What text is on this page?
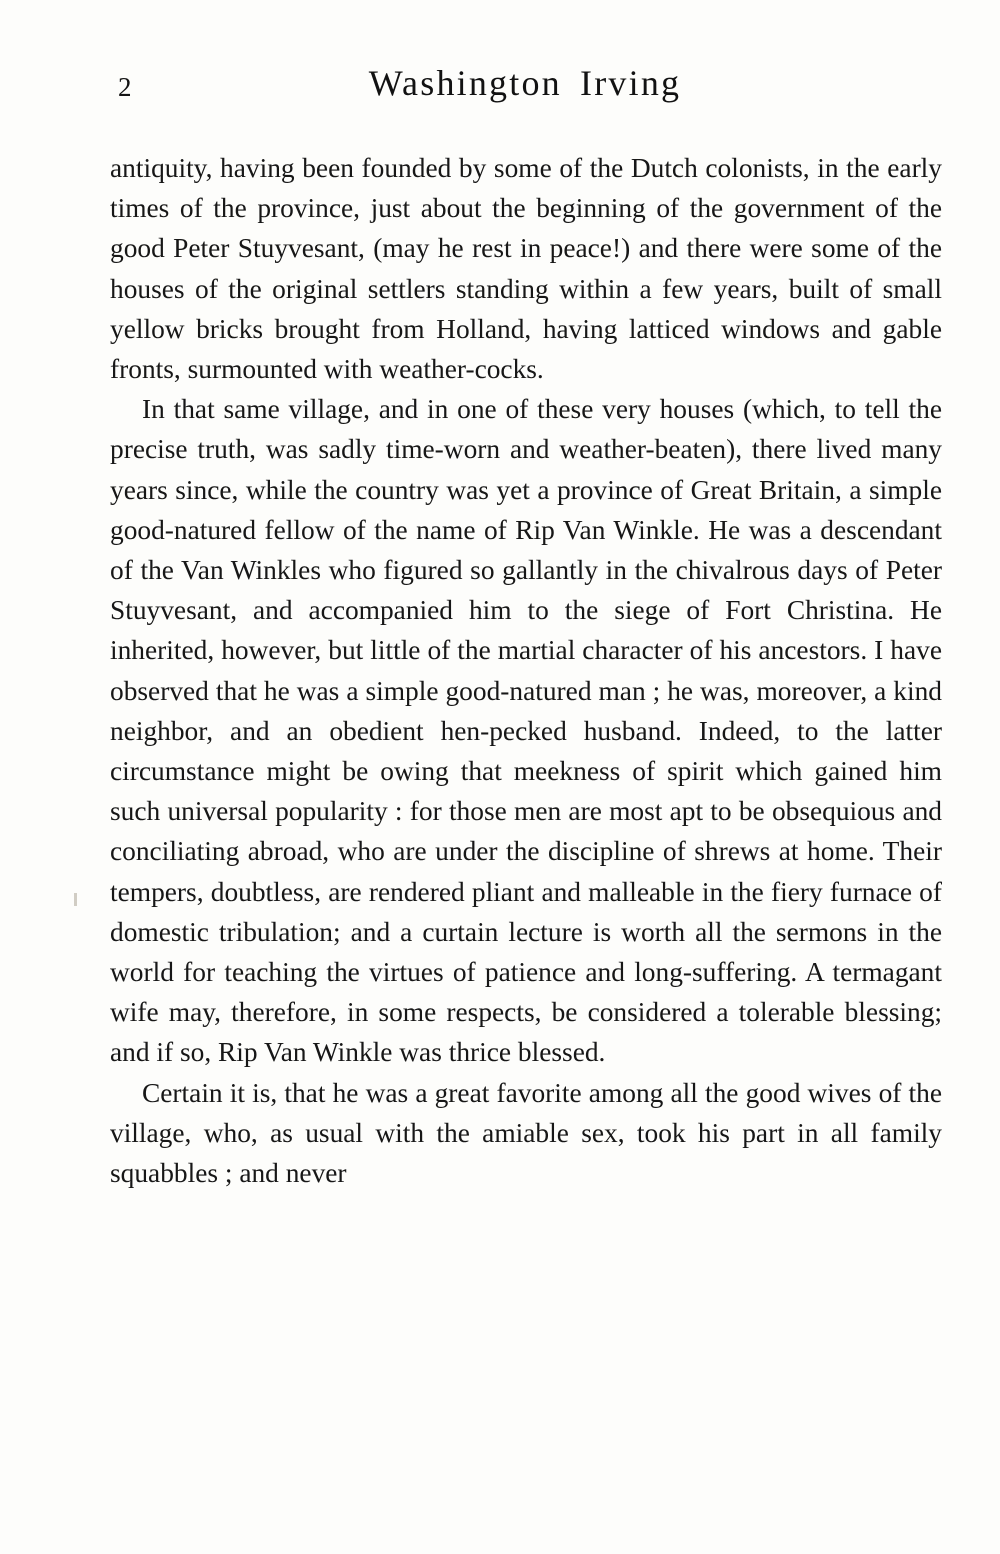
2	Washington Irving

antiquity, having been founded by some of the Dutch colonists, in the early times of the province, just about the beginning of the government of the good Peter Stuyvesant, (may he rest in peace!) and there were some of the houses of the original settlers standing within a few years, built of small yellow bricks brought from Holland, having latticed windows and gable fronts, surmounted with weather-cocks.

In that same village, and in one of these very houses (which, to tell the precise truth, was sadly time-worn and weather-beaten), there lived many years since, while the country was yet a province of Great Britain, a simple good-natured fellow of the name of Rip Van Winkle. He was a descendant of the Van Winkles who figured so gallantly in the chivalrous days of Peter Stuyvesant, and accompanied him to the siege of Fort Christina. He inherited, however, but little of the martial character of his ancestors. I have observed that he was a simple good-natured man ; he was, moreover, a kind neighbor, and an obedient hen-pecked husband. Indeed, to the latter circumstance might be owing that meekness of spirit which gained him such universal popularity : for those men are most apt to be obsequious and conciliating abroad, who are under the discipline of shrews at home. Their tempers, doubtless, are rendered pliant and malleable in the fiery furnace of domestic tribulation; and a curtain lecture is worth all the sermons in the world for teaching the virtues of patience and long-suffering. A termagant wife may, therefore, in some respects, be considered a tolerable blessing; and if so, Rip Van Winkle was thrice blessed.

Certain it is, that he was a great favorite among all the good wives of the village, who, as usual with the amiable sex, took his part in all family squabbles ; and never
